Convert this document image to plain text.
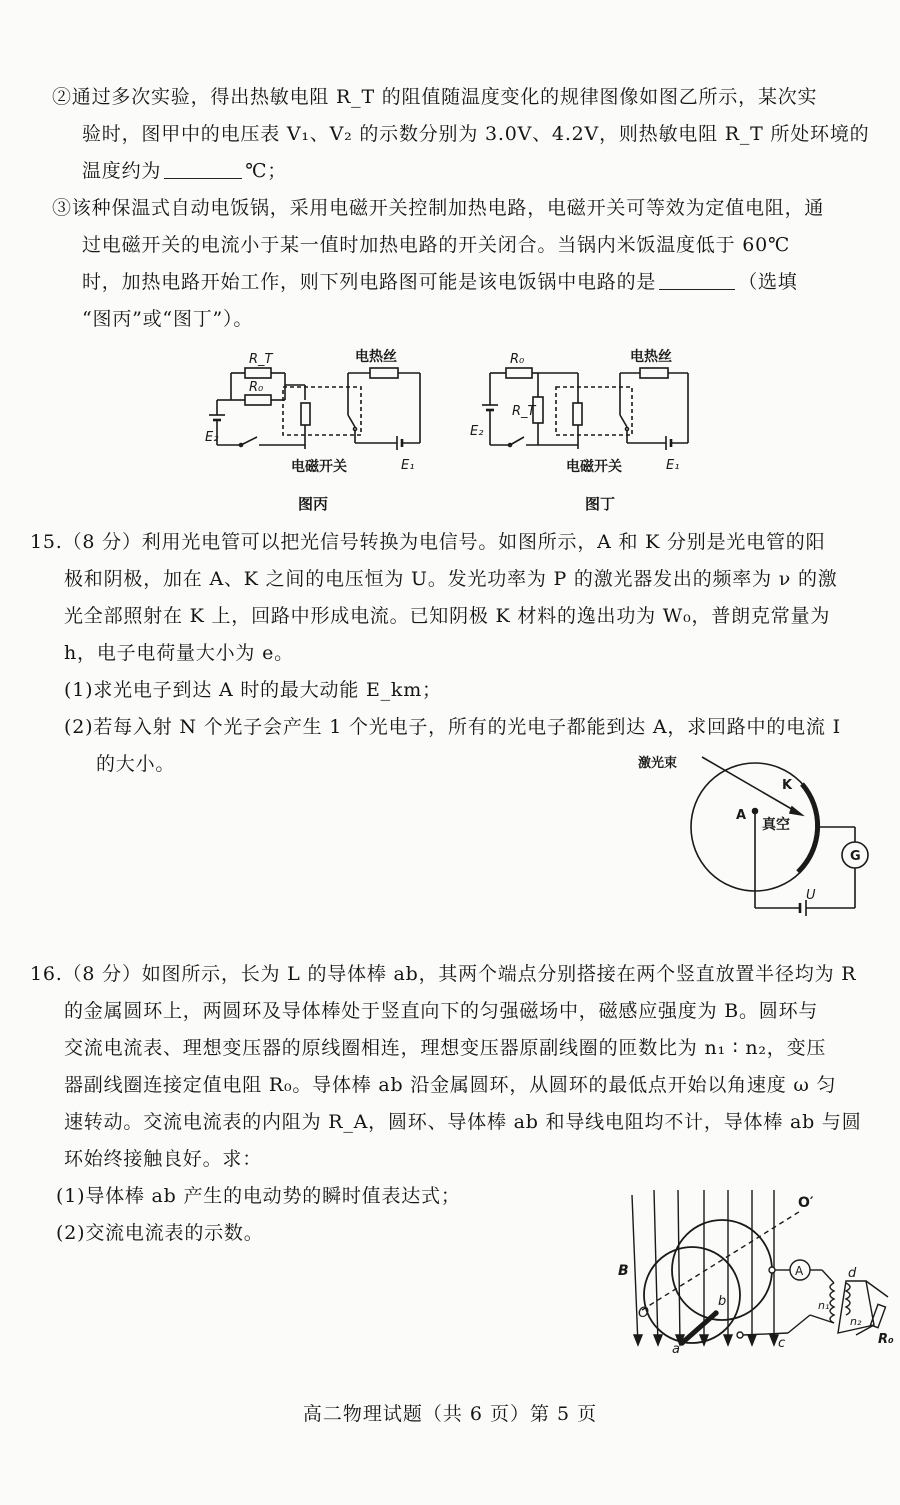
②通过多次实验，得出热敏电阻 R_T 的阻值随温度变化的规律图像如图乙所示，某次实
验时，图甲中的电压表 V₁、V₂ 的示数分别为 3.0V、4.2V，则热敏电阻 R_T 所处环境的
温度约为	℃；
③该种保温式自动电饭锅，采用电磁开关控制加热电路，电磁开关可等效为定值电阻，通
过电磁开关的电流小于某一值时加热电路的开关闭合。当锅内米饭温度低于 60℃
时，加热电路开始工作，则下列电路图可能是该电饭锅中电路的是	（选填
“图丙”或“图丁”）。
R_T
R₀
E₂
E₁
电热丝
电磁开关
图丙
R₀
R_T
E₂
E₁
电热丝
电磁开关
图丁
15.（8 分）利用光电管可以把光信号转换为电信号。如图所示，A 和 K 分别是光电管的阳
极和阴极，加在 A、K 之间的电压恒为 U。发光功率为 P 的激光器发出的频率为 ν 的激
光全部照射在 K 上，回路中形成电流。已知阴极 K 材料的逸出功为 W₀，普朗克常量为
h，电子电荷量大小为 e。
(1)求光电子到达 A 时的最大动能 E_km；
(2)若每入射 N 个光子会产生 1 个光电子，所有的光电子都能到达 A，求回路中的电流 I
的大小。	激光束
K
A
真空
G
U
16.（8 分）如图所示，长为 L 的导体棒 ab，其两个端点分别搭接在两个竖直放置半径均为 R
的金属圆环上，两圆环及导体棒处于竖直向下的匀强磁场中，磁感应强度为 B。圆环与
交流电流表、理想变压器的原线圈相连，理想变压器原副线圈的匝数比为 n₁ ∶ n₂，变压
器副线圈连接定值电阻 R₀。导体棒 ab 沿金属圆环，从圆环的最低点开始以角速度 ω 匀
速转动。交流电流表的内阻为 R_A，圆环、导体棒 ab 和导线电阻均不计，导体棒 ab 与圆
环始终接触良好。求：
(1)导体棒 ab 产生的电动势的瞬时值表达式；
(2)交流电流表的示数。
B
O
O′
a
b
c
d
A
n₁
n₂
R₀
高二物理试题（共 6 页）第 5 页
